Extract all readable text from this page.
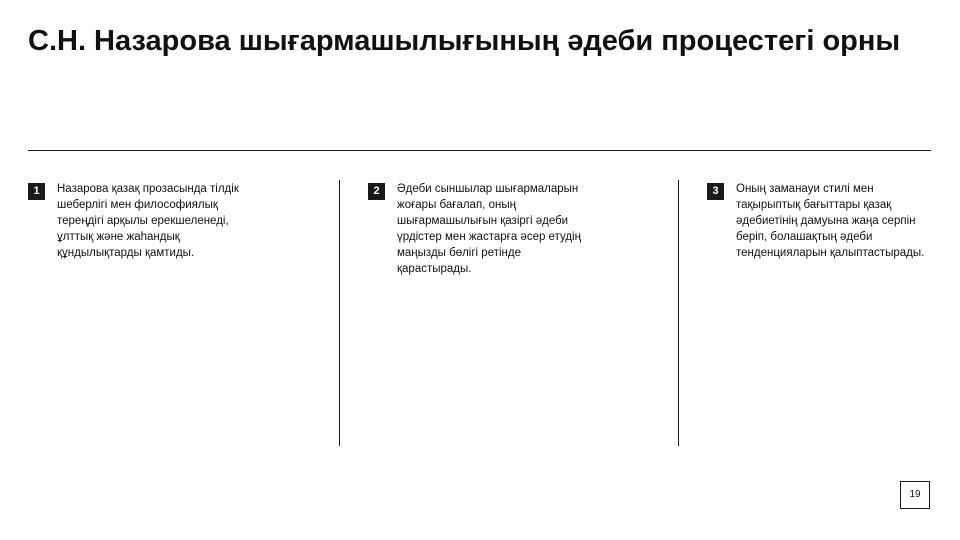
С.Н. Назарова шығармашылығының әдеби процестегі орны
1	Назарова қазақ прозасында тілдік шеберлігі мен философиялық тереңдігі арқылы ерекшеленеді, ұлттық және жаһандық құндылықтарды қамтиды.

2	Әдеби сыншылар шығармаларын жоғары бағалап, оның шығармашылығын қазіргі әдеби үрдістер мен жастарға әсер етудің маңызды бөлігі ретінде қарастырады.

3	Оның заманауи стилі мен тақырыптық бағыттары қазақ әдебиетінің дамуына жаңа серпін беріп, болашақтың әдеби тенденцияларын қалыптастырады.

19
